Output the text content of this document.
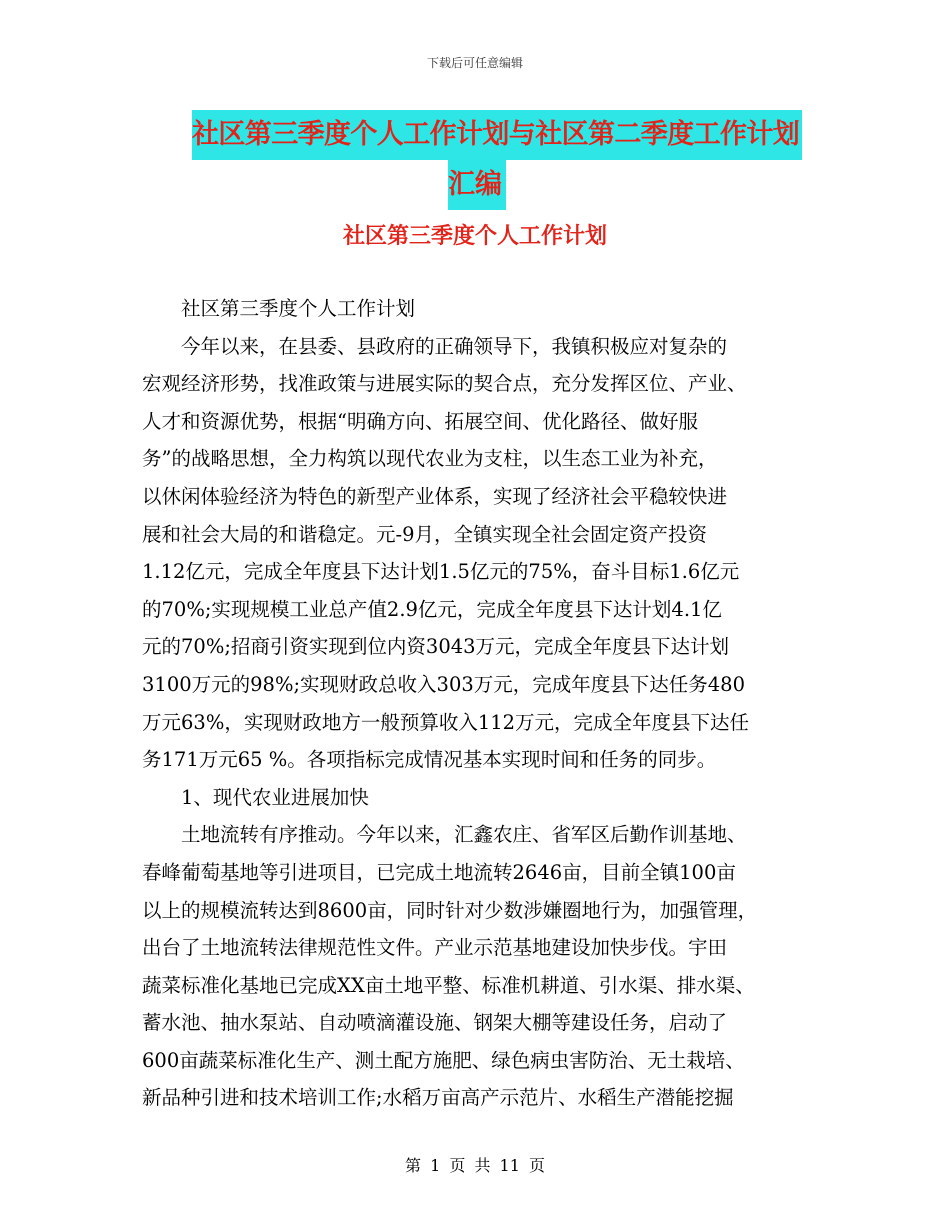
下载后可任意编辑
社区第三季度个人工作计划与社区第二季度工作计划
汇编
社区第三季度个人工作计划
　　社区第三季度个人工作计划
　　今年以来，在县委、县政府的正确领导下，我镇积极应对复杂的
宏观经济形势，找准政策与进展实际的契合点，充分发挥区位、产业、
人才和资源优势，根据“明确方向、拓展空间、优化路径、做好服
务”的战略思想，全力构筑以现代农业为支柱，以生态工业为补充，
以休闲体验经济为特色的新型产业体系，实现了经济社会平稳较快进
展和社会大局的和谐稳定。元-9月，全镇实现全社会固定资产投资
1.12亿元，完成全年度县下达计划1.5亿元的75%，奋斗目标1.6亿元
的70%;实现规模工业总产值2.9亿元，完成全年度县下达计划4.1亿
元的70%;招商引资实现到位内资3043万元，完成全年度县下达计划
3100万元的98%;实现财政总收入303万元，完成年度县下达任务480
万元63%，实现财政地方一般预算收入112万元，完成全年度县下达任
务171万元65 %。各项指标完成情况基本实现时间和任务的同步。
　　1、现代农业进展加快
　　土地流转有序推动。今年以来，汇鑫农庄、省军区后勤作训基地、
春峰葡萄基地等引进项目，已完成土地流转2646亩，目前全镇100亩
以上的规模流转达到8600亩，同时针对少数涉嫌圈地行为，加强管理，
出台了土地流转法律规范性文件。产业示范基地建设加快步伐。宇田
蔬菜标准化基地已完成XX亩土地平整、标准机耕道、引水渠、排水渠、
蓄水池、抽水泵站、自动喷滴灌设施、钢架大棚等建设任务，启动了
600亩蔬菜标准化生产、测土配方施肥、绿色病虫害防治、无土栽培、
新品种引进和技术培训工作;水稻万亩高产示范片、水稻生产潜能挖掘
第 1 页 共 11 页
